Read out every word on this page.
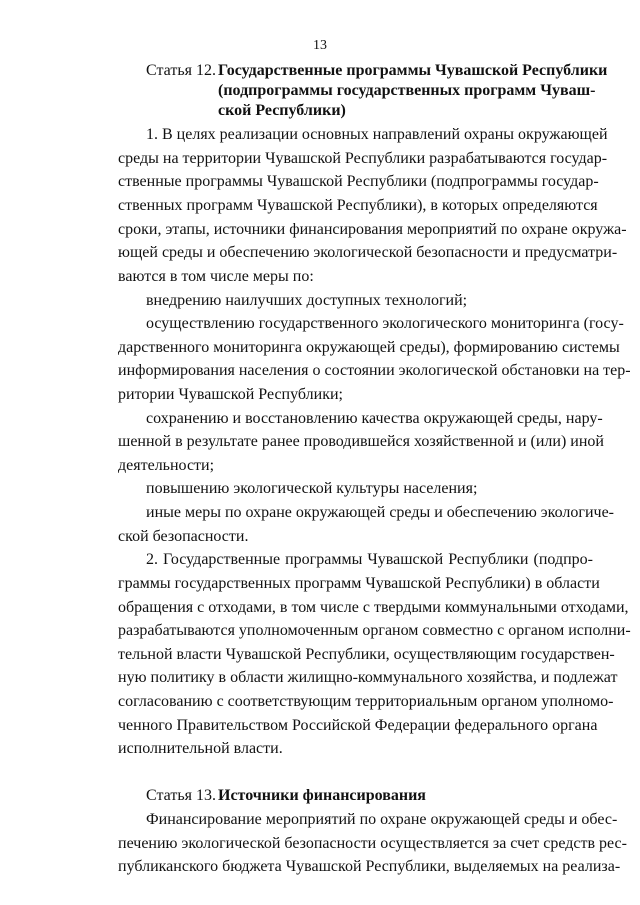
13
Статья 12. Государственные программы Чувашской Республики
(подпрограммы государственных программ Чуваш-
ской Республики)
1. В целях реализации основных направлений охраны окружающей
среды на территории Чувашской Республики разрабатываются государ-
ственные программы Чувашской Республики (подпрограммы государ-
ственных программ Чувашской Республики), в которых определяются
сроки, этапы, источники финансирования мероприятий по охране окружа-
ющей среды и обеспечению экологической безопасности и предусматри-
ваются в том числе меры по:
внедрению наилучших доступных технологий;
осуществлению государственного экологического мониторинга (госу-
дарственного мониторинга окружающей среды), формированию системы
информирования населения о состоянии экологической обстановки на тер-
ритории Чувашской Республики;
сохранению и восстановлению качества окружающей среды, нару-
шенной в результате ранее проводившейся хозяйственной и (или) иной
деятельности;
повышению экологической культуры населения;
иные меры по охране окружающей среды и обеспечению экологиче-
ской безопасности.
2. Государственные программы Чувашской Республики (подпро-
граммы государственных программ Чувашской Республики) в области
обращения с отходами, в том числе с твердыми коммунальными отходами,
разрабатываются уполномоченным органом совместно с органом исполни-
тельной власти Чувашской Республики, осуществляющим государствен-
ную политику в области жилищно-коммунального хозяйства, и подлежат
согласованию с соответствующим территориальным органом уполномо-
ченного Правительством Российской Федерации федерального органа
исполнительной власти.
Статья 13. Источники финансирования
Финансирование мероприятий по охране окружающей среды и обес-
печению экологической безопасности осуществляется за счет средств рес-
публиканского бюджета Чувашской Республики, выделяемых на реализа-
